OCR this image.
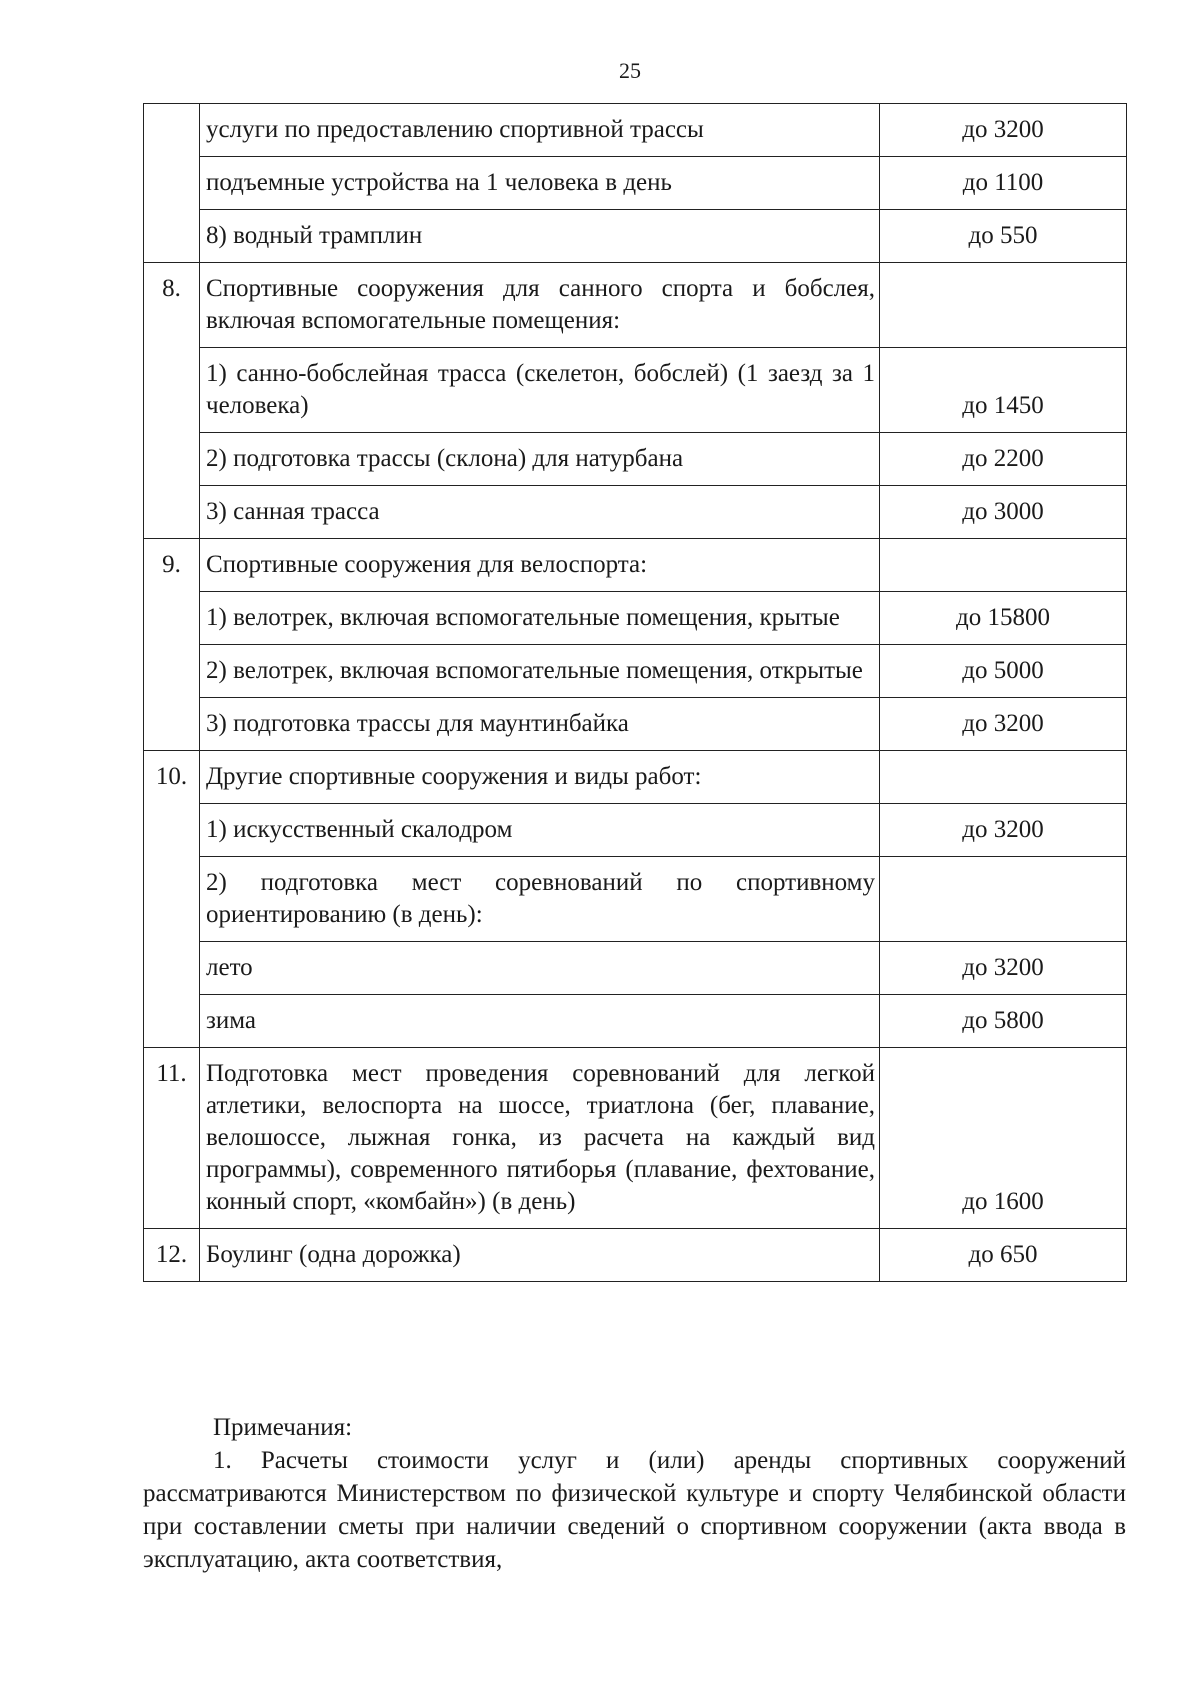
25
	услуги по предоставлению спортивной трассы	до 3200
	подъемные устройства на 1 человека в день	до 1100
	8) водный трамплин	до 550
8.	Спортивные сооружения для санного спорта и бобслея, включая вспомогательные помещения:	
	1) санно-бобслейная трасса (скелетон, бобслей) (1 заезд за 1 человека)	до 1450
	2) подготовка трассы (склона) для натурбана	до 2200
	3) санная трасса	до 3000
9.	Спортивные сооружения для велоспорта:	
	1) велотрек, включая вспомогательные помещения, крытые	до 15800
	2) велотрек, включая вспомогательные помещения, открытые	до 5000
	3) подготовка трассы для маунтинбайка	до 3200
10.	Другие спортивные сооружения и виды работ:	
	1) искусственный скалодром	до 3200
	2) подготовка мест соревнований по спортивному ориентированию (в день):	
	лето	до 3200
	зима	до 5800
11.	Подготовка мест проведения соревнований для легкой атлетики, велоспорта на шоссе, триатлона (бег, плавание, велошоссе, лыжная гонка, из расчета на каждый вид программы), современного пятиборья (плавание, фехтование, конный спорт, «комбайн») (в день)	до 1600
12.	Боулинг (одна дорожка)	до 650
Примечания:

1. Расчеты стоимости услуг и (или) аренды спортивных сооружений рассматриваются Министерством по физической культуре и спорту Челябинской области при составлении сметы при наличии сведений о спортивном сооружении (акта ввода в эксплуатацию, акта соответствия,
